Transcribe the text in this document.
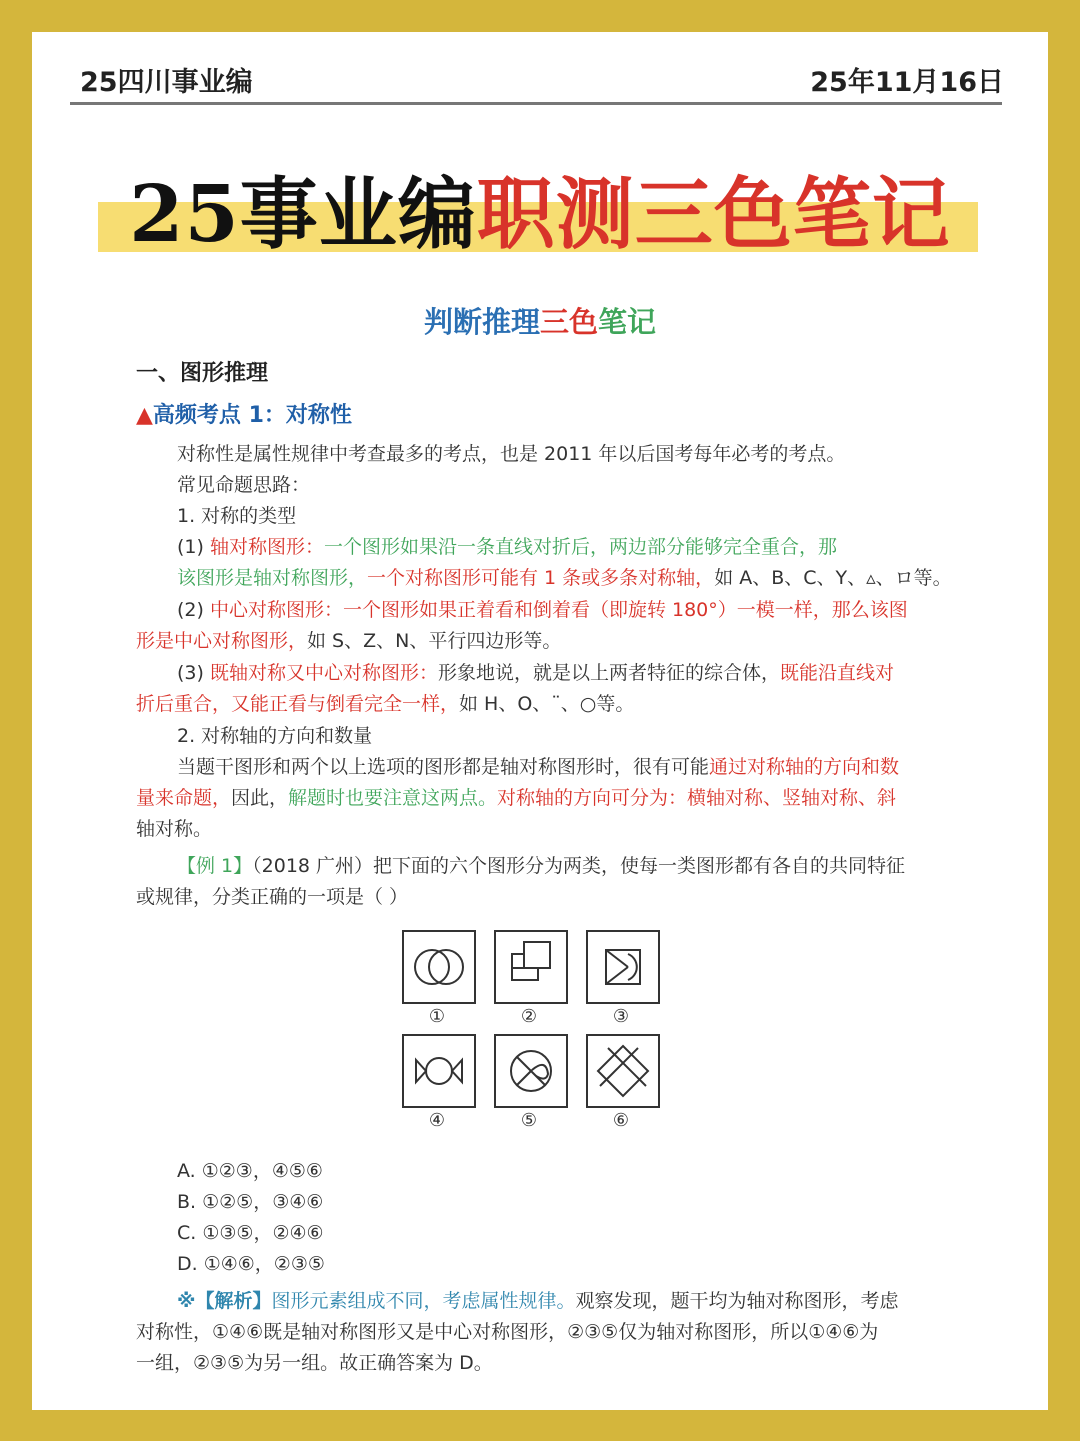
25四川事业编	25年11月16日
25事业编职测三色笔记
判断推理三色笔记
一、图形推理
▲高频考点 1：对称性
对称性是属性规律中考查最多的考点，也是 2011 年以后国考每年必考的考点。
常见命题思路：
1. 对称的类型
(1) 轴对称图形：一个图形如果沿一条直线对折后，两边部分能够完全重合，那
该图形是轴对称图形，一个对称图形可能有 1 条或多条对称轴，如 A、B、C、Y、▵、ロ等。
(2) 中心对称图形：一个图形如果正着看和倒着看（即旋转 180°）一模一样，那么该图
形是中心对称图形，如 S、Z、N、平行四边形等。
(3) 既轴对称又中心对称图形：形象地说，就是以上两者特征的综合体，既能沿直线对
折后重合，又能正看与倒看完全一样，如 H、O、¨、○等。
2. 对称轴的方向和数量
当题干图形和两个以上选项的图形都是轴对称图形时，很有可能通过对称轴的方向和数
量来命题，因此，解题时也要注意这两点。对称轴的方向可分为：横轴对称、竖轴对称、斜
轴对称。
【例 1】（2018 广州）把下面的六个图形分为两类，使每一类图形都有各自的共同特征
或规律，分类正确的一项是（ ）
①	②	③
④	⑤	⑥
A. ①②③，④⑤⑥
B. ①②⑤，③④⑥
C. ①③⑤，②④⑥
D. ①④⑥，②③⑤
※【解析】图形元素组成不同，考虑属性规律。观察发现，题干均为轴对称图形，考虑
对称性，①④⑥既是轴对称图形又是中心对称图形，②③⑤仅为轴对称图形，所以①④⑥为
一组，②③⑤为另一组。故正确答案为 D。
